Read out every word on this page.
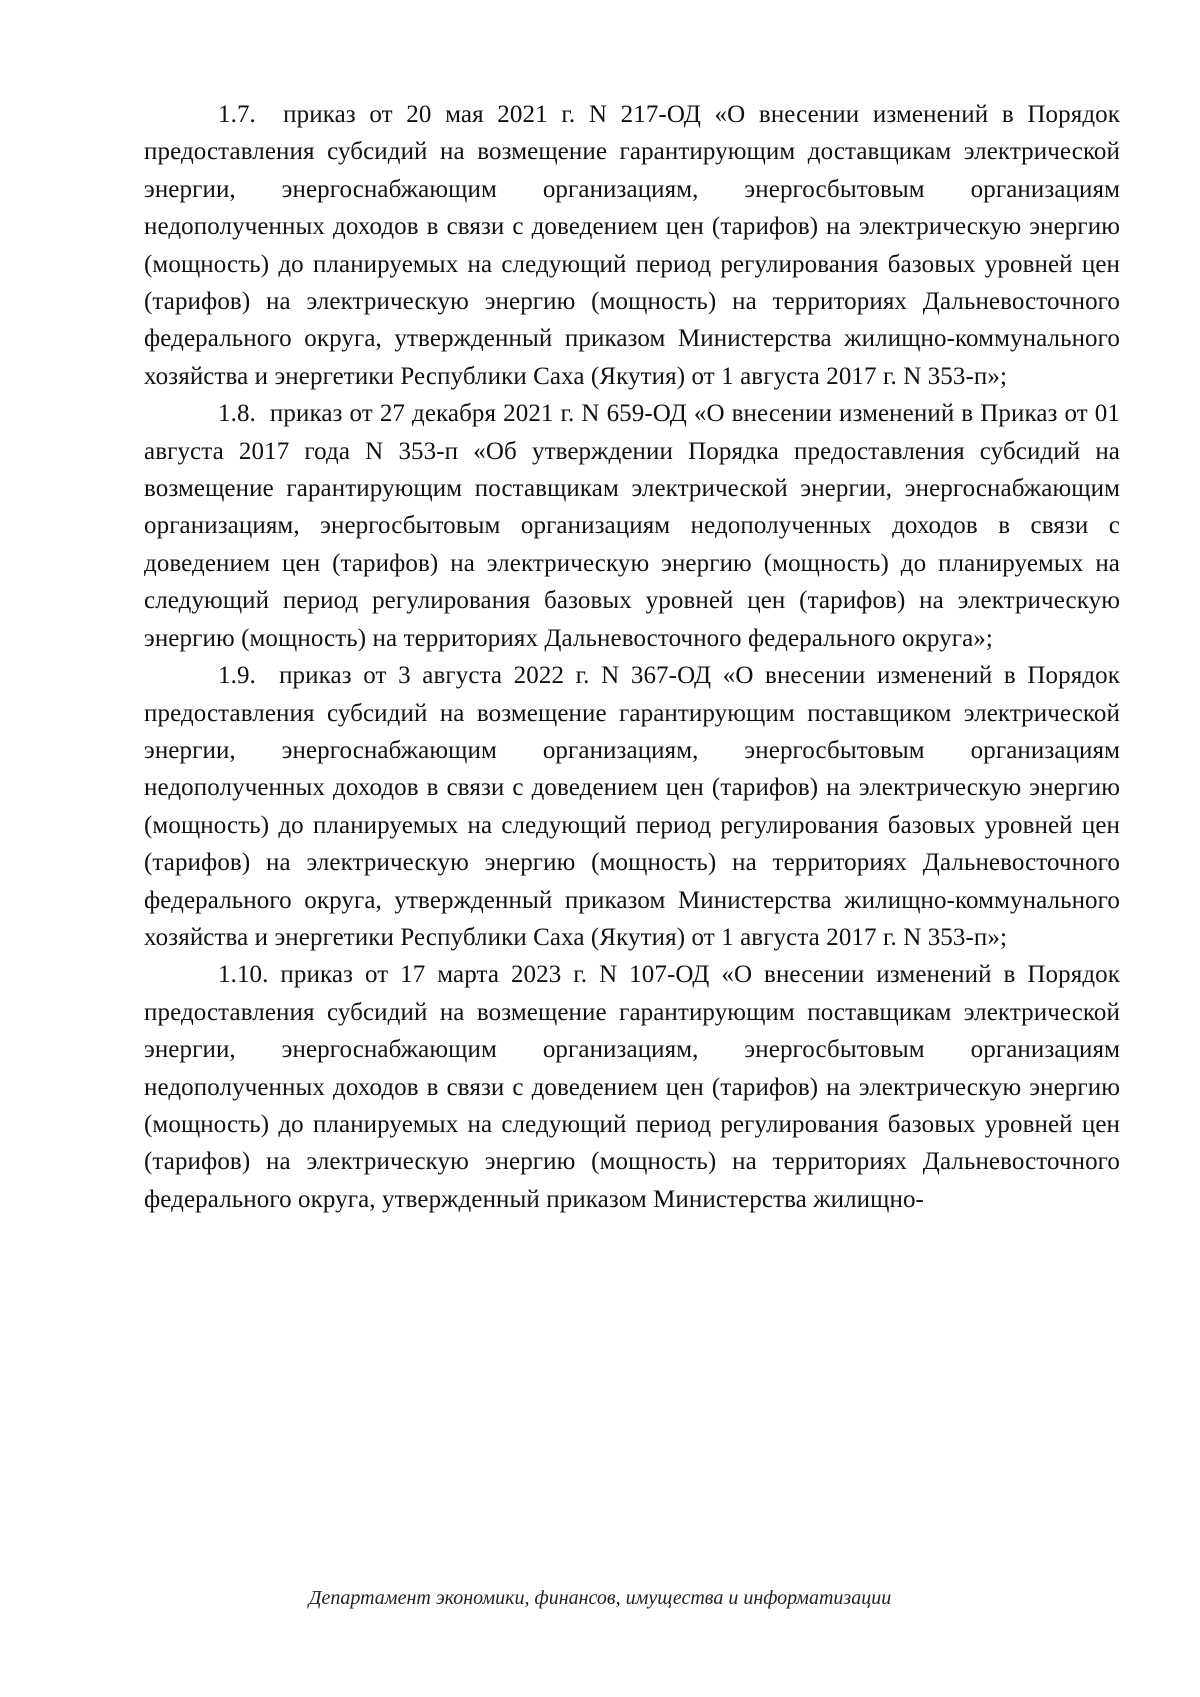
1.7.  приказ от 20 мая 2021 г. N 217-ОД «О внесении изменений в Порядок предоставления субсидий на возмещение гарантирующим доставщикам электрической энергии, энергоснабжающим организациям, энергосбытовым организациям недополученных доходов в связи с доведением цен (тарифов) на электрическую энергию (мощность) до планируемых на следующий период регулирования базовых уровней цен (тарифов) на электрическую энергию (мощность) на территориях Дальневосточного федерального округа, утвержденный приказом Министерства жилищно-коммунального хозяйства и энергетики Республики Саха (Якутия) от 1 августа 2017 г. N 353-п»;

1.8.  приказ от 27 декабря 2021 г. N 659-ОД «О внесении изменений в Приказ от 01 августа 2017 года N 353-п «Об утверждении Порядка предоставления субсидий на возмещение гарантирующим поставщикам электрической энергии, энергоснабжающим организациям, энергосбытовым организациям недополученных доходов в связи с доведением цен (тарифов) на электрическую энергию (мощность) до планируемых на следующий период регулирования базовых уровней цен (тарифов) на электрическую энергию (мощность) на территориях Дальневосточного федерального округа»;

1.9.  приказ от 3 августа 2022 г. N 367-ОД «О внесении изменений в Порядок предоставления субсидий на возмещение гарантирующим поставщиком электрической энергии, энергоснабжающим организациям, энергосбытовым организациям недополученных доходов в связи с доведением цен (тарифов) на электрическую энергию (мощность) до планируемых на следующий период регулирования базовых уровней цен (тарифов) на электрическую энергию (мощность) на территориях Дальневосточного федерального округа, утвержденный приказом Министерства жилищно-коммунального хозяйства и энергетики Республики Саха (Якутия) от 1 августа 2017 г. N 353-п»;

1.10. приказ от 17 марта 2023 г. N 107-ОД «О внесении изменений в Порядок предоставления субсидий на возмещение гарантирующим поставщикам электрической энергии, энергоснабжающим организациям, энергосбытовым организациям недополученных доходов в связи с доведением цен (тарифов) на электрическую энергию (мощность) до планируемых на следующий период регулирования базовых уровней цен (тарифов) на электрическую энергию (мощность) на территориях Дальневосточного федерального округа, утвержденный приказом Министерства жилищно-

Департамент экономики, финансов, имущества и информатизации
